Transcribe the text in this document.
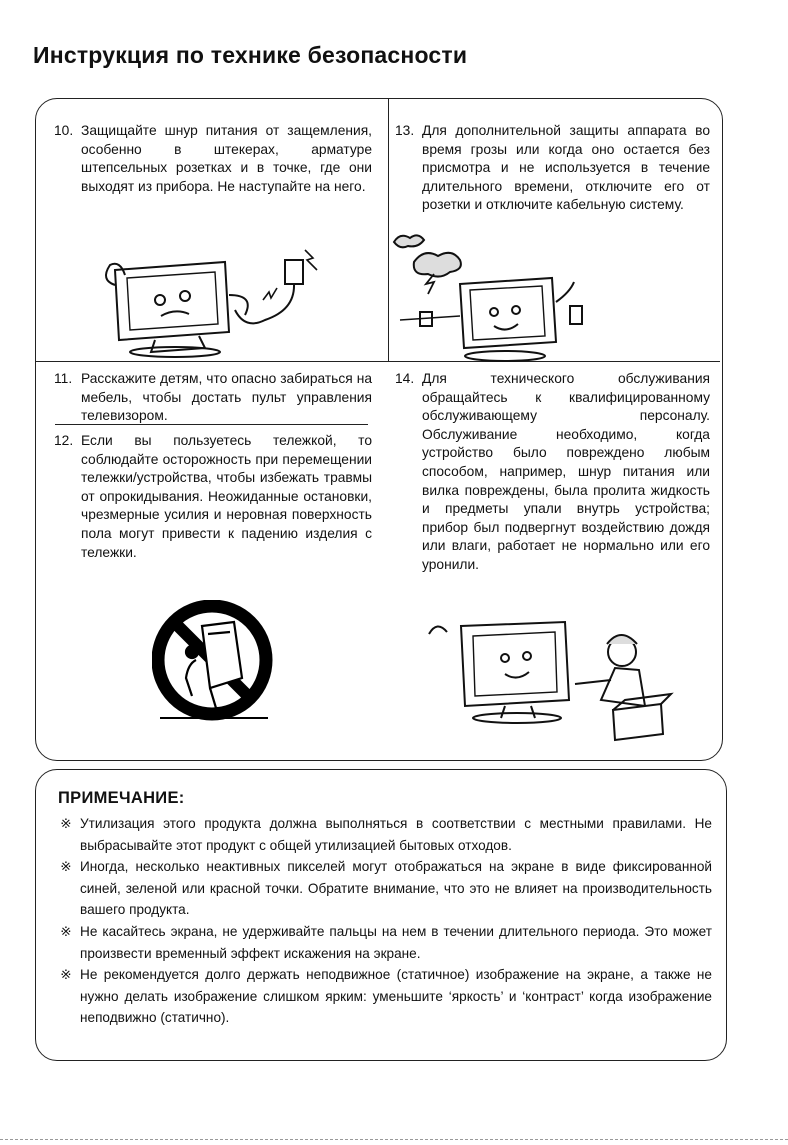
Инструкция по технике безопасности
10. Защищайте шнур питания от защемления, особенно в штекерах, арматуре штепсельных розетках и в точке, где они выходят из прибора. Не наступайте на него.
13. Для дополнительной защиты аппарата во время грозы или когда оно остается без присмотра и не используется в течение длительного времени, отключите его от розетки и отключите кабельную систему.
11. Расскажите детям, что опасно забираться на мебель, чтобы достать пульт управления телевизором.
12. Если вы пользуетесь тележкой, то соблюдайте осторожность при перемещении тележки/устройства, чтобы избежать травмы от опрокидывания. Неожиданные остановки, чрезмерные усилия и неровная поверхность пола могут привести к падению изделия с тележки.
14. Для технического обслуживания обращайтесь к квалифицированному обслуживающему персоналу. Обслуживание необходимо, когда устройство было повреждено любым способом, например, шнур питания или вилка повреждены, была пролита жидкость и предметы упали внутрь устройства; прибор был подвергнут воздействию дождя или влаги, работает не нормально или его уронили.
ПРИМЕЧАНИЕ:
※ Утилизация этого продукта должна выполняться в соответствии с местными правилами. Не выбрасывайте этот продукт с общей утилизацией бытовых отходов.
※ Иногда, несколько неактивных пикселей могут отображаться на экране в виде фиксированной синей, зеленой или красной точки. Обратите внимание, что это не влияет на производительность вашего продукта.
※ Не касайтесь экрана, не удерживайте пальцы на нем в течении длительного периода. Это может произвести временный эффект искажения на экране.
※ Не рекомендуется долго держать неподвижное (статичное) изображение на экране, а также не нужно делать изображение слишком ярким: уменьшите ‘яркость’ и ‘контраст’ когда изображение неподвижно (статично).
